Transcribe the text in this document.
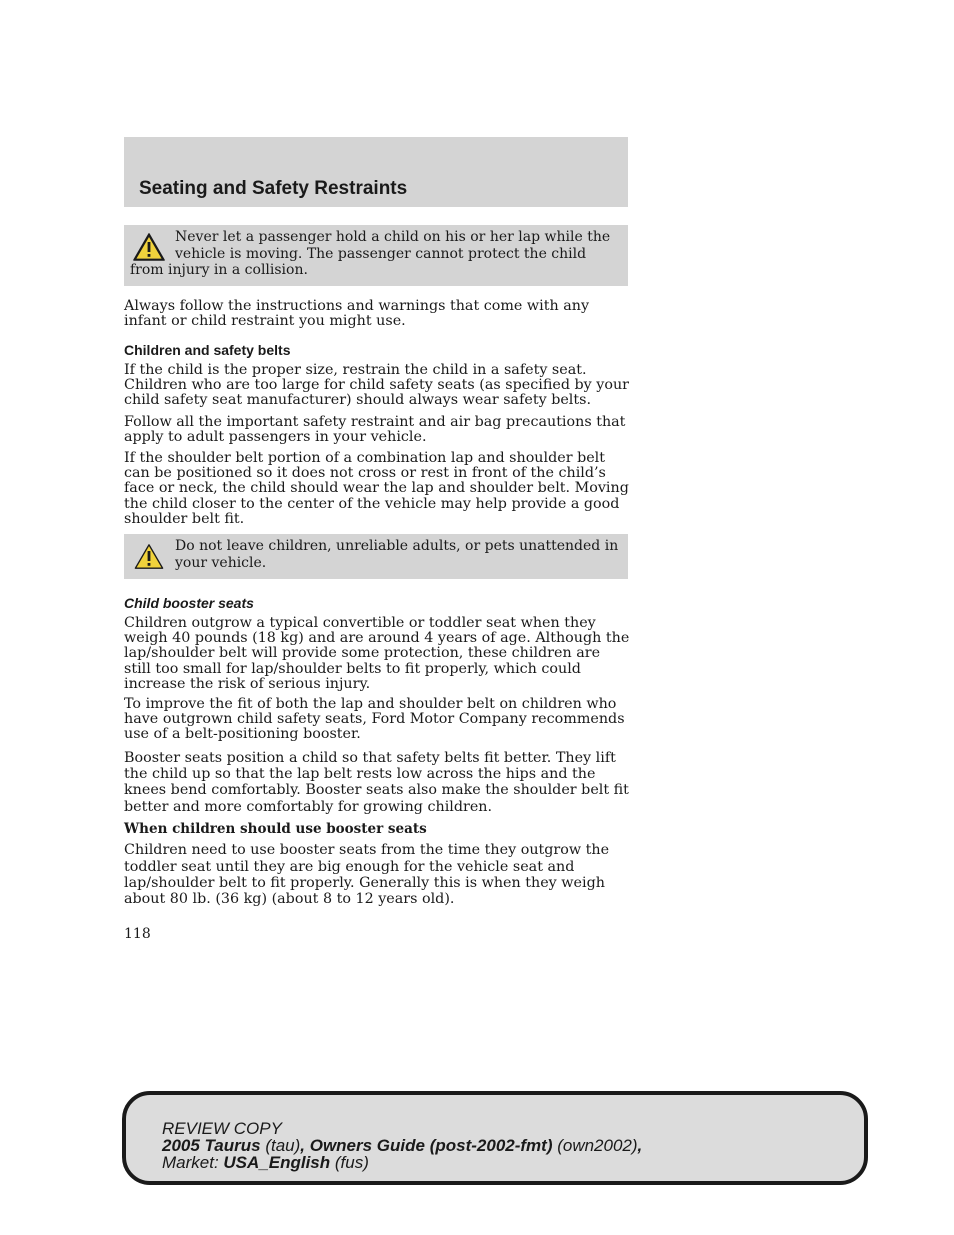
Seating and Safety Restraints
Never let a passenger hold a child on his or her lap while the vehicle is moving. The passenger cannot protect the child from injury in a collision.

Always follow the instructions and warnings that come with any infant or child restraint you might use.

Children and safety belts

If the child is the proper size, restrain the child in a safety seat. Children who are too large for child safety seats (as specified by your child safety seat manufacturer) should always wear safety belts.

Follow all the important safety restraint and air bag precautions that apply to adult passengers in your vehicle.

If the shoulder belt portion of a combination lap and shoulder belt can be positioned so it does not cross or rest in front of the child’s face or neck, the child should wear the lap and shoulder belt. Moving the child closer to the center of the vehicle may help provide a good shoulder belt fit.

Do not leave children, unreliable adults, or pets unattended in your vehicle.
Child booster seats

Children outgrow a typical convertible or toddler seat when they weigh 40 pounds (18 kg) and are around 4 years of age. Although the lap/shoulder belt will provide some protection, these children are still too small for lap/shoulder belts to fit properly, which could increase the risk of serious injury.

To improve the fit of both the lap and shoulder belt on children who have outgrown child safety seats, Ford Motor Company recommends use of a belt-positioning booster.

Booster seats position a child so that safety belts fit better. They lift the child up so that the lap belt rests low across the hips and the knees bend comfortably. Booster seats also make the shoulder belt fit better and more comfortably for growing children.

When children should use booster seats

Children need to use booster seats from the time they outgrow the toddler seat until they are big enough for the vehicle seat and lap/shoulder belt to fit properly. Generally this is when they weigh about 80 lb. (36 kg) (about 8 to 12 years old).

118
REVIEW COPY
2005 Taurus (tau), Owners Guide (post-2002-fmt) (own2002),
Market: USA_English (fus)
